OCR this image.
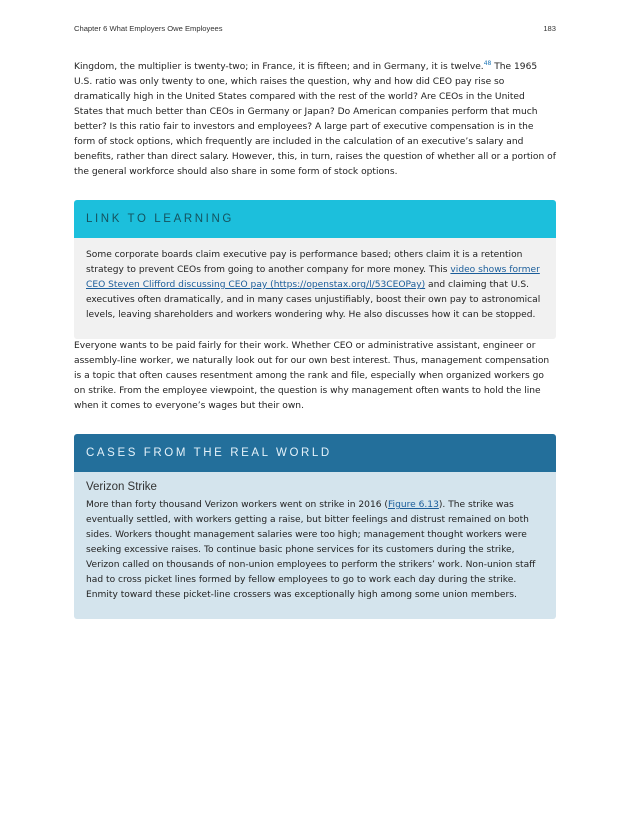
Chapter 6 What Employers Owe Employees	183

Kingdom, the multiplier is twenty-two; in France, it is fifteen; and in Germany, it is twelve.$^{48}$ The 1965 U.S. ratio was only twenty to one, which raises the question, why and how did CEO pay rise so dramatically high in the United States compared with the rest of the world? Are CEOs in the United States that much better than CEOs in Germany or Japan? Do American companies perform that much better? Is this ratio fair to investors and employees? A large part of executive compensation is in the form of stock options, which frequently are included in the calculation of an executive’s salary and benefits, rather than direct salary. However, this, in turn, raises the question of whether all or a portion of the general workforce should also share in some form of stock options.

LINK TO LEARNING

Some corporate boards claim executive pay is performance based; others claim it is a retention strategy to prevent CEOs from going to another company for more money. This video shows former CEO Steven Clifford discussing CEO pay (https://openstax.org/l/53CEOPay) and claiming that U.S. executives often dramatically, and in many cases unjustifiably, boost their own pay to astronomical levels, leaving shareholders and workers wondering why. He also discusses how it can be stopped.

Everyone wants to be paid fairly for their work. Whether CEO or administrative assistant, engineer or assembly-line worker, we naturally look out for our own best interest. Thus, management compensation is a topic that often causes resentment among the rank and file, especially when organized workers go on strike. From the employee viewpoint, the question is why management often wants to hold the line when it comes to everyone’s wages but their own.

CASES FROM THE REAL WORLD
Verizon Strike

More than forty thousand Verizon workers went on strike in 2016 (Figure 6.13). The strike was eventually settled, with workers getting a raise, but bitter feelings and distrust remained on both sides. Workers thought management salaries were too high; management thought workers were seeking excessive raises. To continue basic phone services for its customers during the strike, Verizon called on thousands of non-union employees to perform the strikers’ work. Non-union staff had to cross picket lines formed by fellow employees to go to work each day during the strike. Enmity toward these picket-line crossers was exceptionally high among some union members.
